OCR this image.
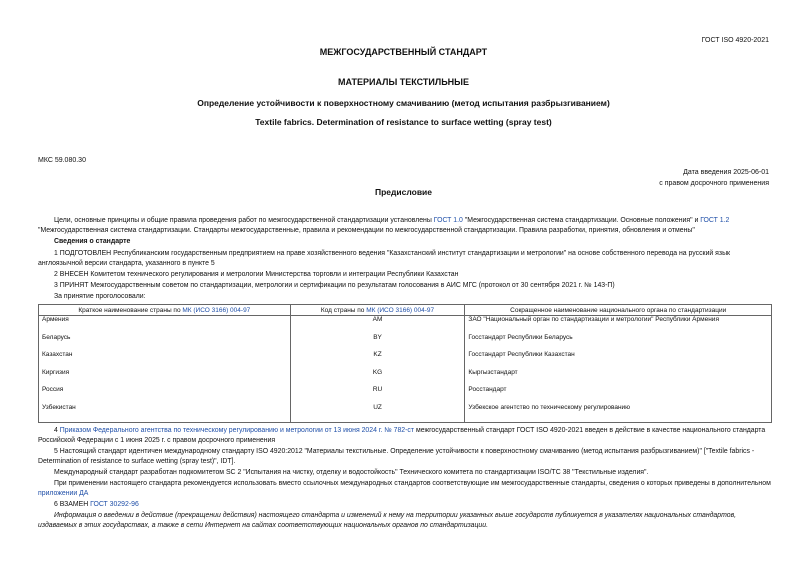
ГОСТ ISO 4920-2021
МЕЖГОСУДАРСТВЕННЫЙ СТАНДАРТ
МАТЕРИАЛЫ ТЕКСТИЛЬНЫЕ
Определение устойчивости к поверхностному смачиванию (метод испытания разбрызгиванием)
Textile fabrics. Determination of resistance to surface wetting (spray test)
МКС 59.080.30
Дата введения 2025-06-01
с правом досрочного применения
Предисловие
Цели, основные принципы и общие правила проведения работ по межгосударственной стандартизации установлены ГОСТ 1.0 "Межгосударственная система стандартизации. Основные положения" и ГОСТ 1.2 "Межгосударственная система стандартизации. Стандарты межгосударственные, правила и рекомендации по межгосударственной стандартизации. Правила разработки, принятия, обновления и отмены"
Сведения о стандарте
1 ПОДГОТОВЛЕН Республиканским государственным предприятием на праве хозяйственного ведения "Казахстанский институт стандартизации и метрологии" на основе собственного перевода на русский язык англоязычной версии стандарта, указанного в пункте 5
2 ВНЕСЕН Комитетом технического регулирования и метрологии Министерства торговли и интеграции Республики Казахстан
3 ПРИНЯТ Межгосударственным советом по стандартизации, метрологии и сертификации по результатам голосования в АИС МГС (протокол от 30 сентября 2021 г. № 143-П)
За принятие проголосовали:
Краткое наименование страны по МК (ИСО 3166) 004-97	Код страны по МК (ИСО 3166) 004-97	Сокращенное наименование национального органа по стандартизации
Армения	AM	ЗАО "Национальный орган по стандартизации и метрологии" Республики Армения
Беларусь	BY	Госстандарт Республики Беларусь
Казахстан	KZ	Госстандарт Республики Казахстан
Киргизия	KG	Кыргызстандарт
Россия	RU	Росстандарт
Узбекистан	UZ	Узбекское агентство по техническому регулированию
4 Приказом Федерального агентства по техническому регулированию и метрологии от 13 июня 2024 г. № 782-ст межгосударственный стандарт ГОСТ ISO 4920-2021 введен в действие в качестве национального стандарта Российской Федерации с 1 июня 2025 г. с правом досрочного применения
5 Настоящий стандарт идентичен международному стандарту ISO 4920:2012 "Материалы текстильные. Определение устойчивости к поверхностному смачиванию (метод испытания разбрызгиванием)" ["Textile fabrics - Determination of resistance to surface wetting (spray test)", IDT].
Международный стандарт разработан подкомитетом SC 2 "Испытания на чистку, отделку и водостойкость" Технического комитета по стандартизации ISO/TC 38 "Текстильные изделия".
При применении настоящего стандарта рекомендуется использовать вместо ссылочных международных стандартов соответствующие им межгосударственные стандарты, сведения о которых приведены в дополнительном приложении ДА
6 ВЗАМЕН ГОСТ 30292-96
Информация о введении в действие (прекращении действия) настоящего стандарта и изменений к нему на территории указанных выше государств публикуется в указателях национальных стандартов, издаваемых в этих государствах, а также в сети Интернет на сайтах соответствующих национальных органов по стандартизации.
